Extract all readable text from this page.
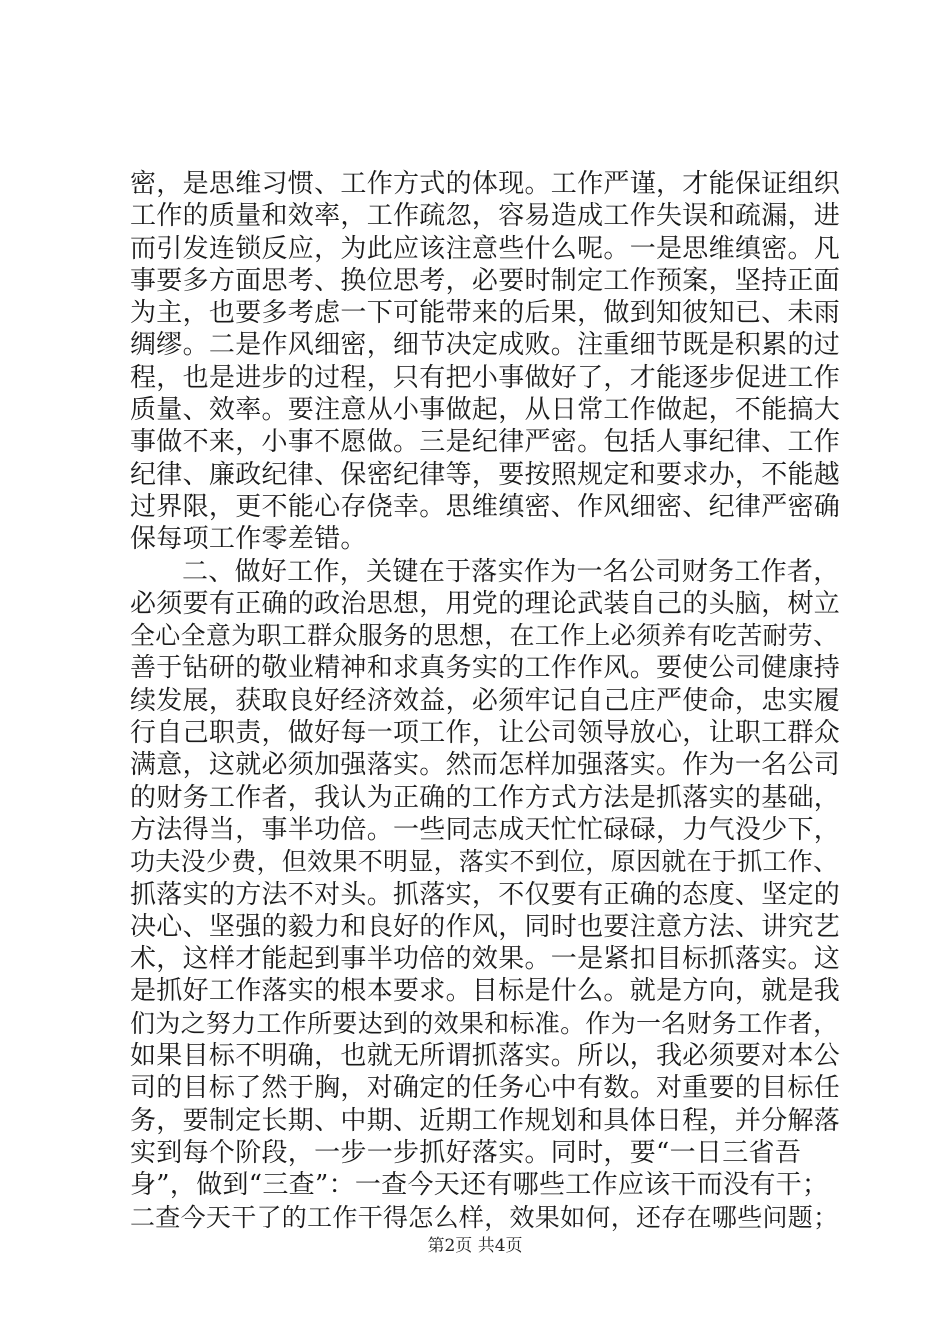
密，是思维习惯、工作方式的体现。工作严谨，才能保证组织
工作的质量和效率，工作疏忽，容易造成工作失误和疏漏，进
而引发连锁反应，为此应该注意些什么呢。一是思维缜密。凡
事要多方面思考、换位思考，必要时制定工作预案，坚持正面
为主，也要多考虑一下可能带来的后果，做到知彼知已、未雨
绸缪。二是作风细密，细节决定成败。注重细节既是积累的过
程，也是进步的过程，只有把小事做好了，才能逐步促进工作
质量、效率。要注意从小事做起，从日常工作做起，不能搞大
事做不来，小事不愿做。三是纪律严密。包括人事纪律、工作
纪律、廉政纪律、保密纪律等，要按照规定和要求办，不能越
过界限，更不能心存侥幸。思维缜密、作风细密、纪律严密确
保每项工作零差错。
二、做好工作，关键在于落实作为一名公司财务工作者，
必须要有正确的政治思想，用党的理论武装自己的头脑，树立
全心全意为职工群众服务的思想，在工作上必须养有吃苦耐劳、
善于钻研的敬业精神和求真务实的工作作风。要使公司健康持
续发展，获取良好经济效益，必须牢记自己庄严使命，忠实履
行自己职责，做好每一项工作，让公司领导放心，让职工群众
满意，这就必须加强落实。然而怎样加强落实。作为一名公司
的财务工作者，我认为正确的工作方式方法是抓落实的基础，
方法得当，事半功倍。一些同志成天忙忙碌碌，力气没少下，
功夫没少费，但效果不明显，落实不到位，原因就在于抓工作、
抓落实的方法不对头。抓落实，不仅要有正确的态度、坚定的
决心、坚强的毅力和良好的作风，同时也要注意方法、讲究艺
术，这样才能起到事半功倍的效果。一是紧扣目标抓落实。这
是抓好工作落实的根本要求。目标是什么。就是方向，就是我
们为之努力工作所要达到的效果和标准。作为一名财务工作者，
如果目标不明确，也就无所谓抓落实。所以，我必须要对本公
司的目标了然于胸，对确定的任务心中有数。对重要的目标任
务，要制定长期、中期、近期工作规划和具体日程，并分解落
实到每个阶段，一步一步抓好落实。同时，要“一日三省吾
身”，做到“三查”：一查今天还有哪些工作应该干而没有干；
二查今天干了的工作干得怎么样，效果如何，还存在哪些问题；
第2页 共4页
